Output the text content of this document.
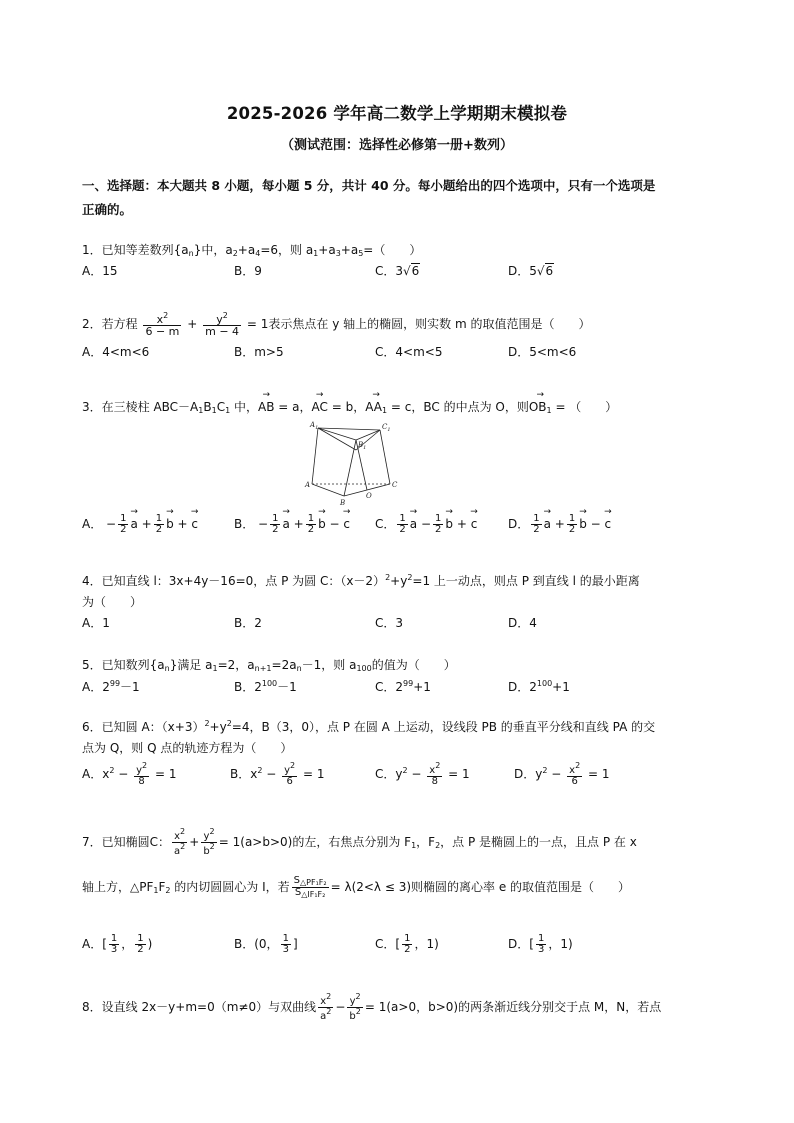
2025-2026 学年高二数学上学期期末模拟卷
（测试范围：选择性必修第一册+数列）
一、选择题：本大题共 8 小题，每小题 5 分，共计 40 分。每小题给出的四个选项中，只有一个选项是
正确的。
1．已知等差数列$\{a_n\}$中，$a_2+a_4=6$，则 $a_1+a_3+a_5=$（　　）
A．15	B．9	C．3√6	D．5√6
2．若方程 $\frac{x^2}{6 - m} + \frac{y^2}{m - 4} = 1$表示焦点在 y 轴上的椭圆，则实数 m 的取值范围是（　　）
A．4<m<6	B．m>5	C．4<m<5	D．5<m<6
3．在三棱柱 $ABC-A_1B_1C_1$ 中，→ AB = a，→ AC = b，→ $AA_1 = c$，BC 的中点为 O，则→ $OB_1$ = （　　）
$A_1$	$C_1$
$B_1$
A	C
B
O
A． − $\frac{1}{2}$
→ $a + \frac{1}{2}$
→ b + → c	B． − $\frac{1}{2}$
→ $a + \frac{1}{2}$
→ b − → c C． $\frac{1}{2}$
→ $a - \frac{1}{2}$
→ b + → c	D． $\frac{1}{2}$
→ $a + \frac{1}{2}$
→ b − → c
4．已知直线 l：3x+4y－16=0，点 P 为圆 C：$(x-2)^2+y^2=1$ 上一动点，则点 P 到直线 l 的最小距离
为（　　）
A．1	B．2	C．3	D．4
5．已知数列$\{a_n\}$满足 $a_1=2$，$a_{n+1}=2a_n-1$，则 $a_{100}$的值为（　　）
A．$2^{99}-1$	B．$2^{100}-1$	C．$2^{99}+1$	D．$2^{100}+1$
6．已知圆 A：$(x+3)^2+y^2=4$，B（3，0），点 P 在圆 A 上运动，设线段 PB 的垂直平分线和直线 PA 的交
点为 Q，则 Q 点的轨迹方程为（　　）
A．$x^2 - \frac{y^2}{8} = 1$	B．$x^2 - \frac{y^2}{6} = 1$	C．$y^2 - \frac{x^2}{8} = 1$	D．$y^2 - \frac{x^2}{6} = 1$
7．已知椭圆C： $\frac{x^2}{a^2} + \frac{y^2}{b^2} = 1(a>b>0)$的左，右焦点分别为 $F_1$，$F_2$，点 P 是椭圆上的一点，且点 P 在 x
轴上方，$\triangle PF_1F_2$ 的内切圆圆心为 I，若 $\frac{S_{\triangle PF_1F_2}}{S_{\triangle IF_1F_2}} = \lambda(2<\lambda \le 3)$则椭圆的离心率 e 的取值范围是（　　）
A．[ $\frac{1}{3}$ ， $\frac{1}{2}$ )	B．(0， $\frac{1}{3}$ ]	C．[ $\frac{1}{2}$ ，1)	D．[ $\frac{1}{3}$ ，1)
8．设直线 2x－y+m=0（m≠0）与双曲线 $\frac{x^2}{a^2} - \frac{y^2}{b^2} = 1(a>0$，b>0)的两条渐近线分别交于点 M，N，若点
